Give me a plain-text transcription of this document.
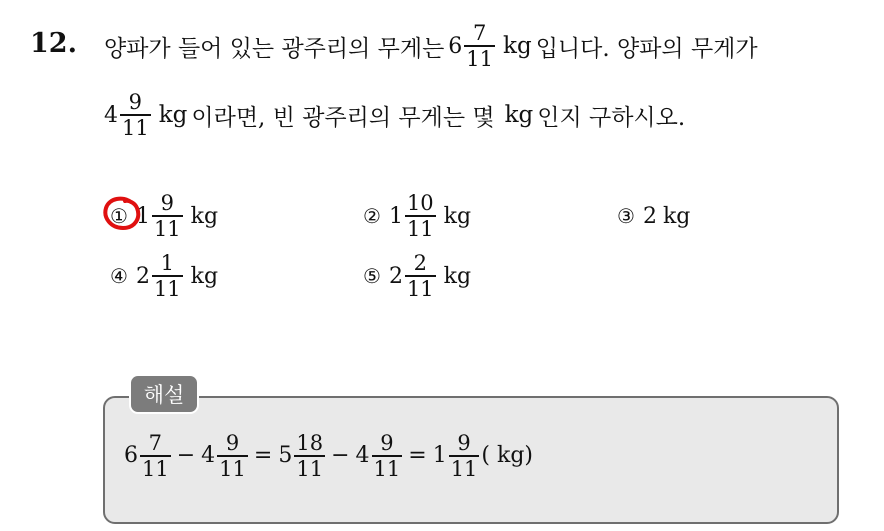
12. 양파가 들어 있는 광주리의 무게는 $6 \frac{7}{11}$ kg 입니다. 양파의 무게가
$4 \frac{9}{11}$ kg 이라면, 빈 광주리의 무게는 몇 kg 인지 구하시오.
① $1 \frac{9}{11}$ kg	② $1 \frac{10}{11}$ kg	③ 2 kg
④ $2 \frac{1}{11}$ kg	⑤ $2 \frac{2}{11}$ kg
해설
$6 \frac{7}{11} - 4 \frac{9}{11} = 5 \frac{18}{11} - 4 \frac{9}{11} = 1 \frac{9}{11}$ ( kg)
